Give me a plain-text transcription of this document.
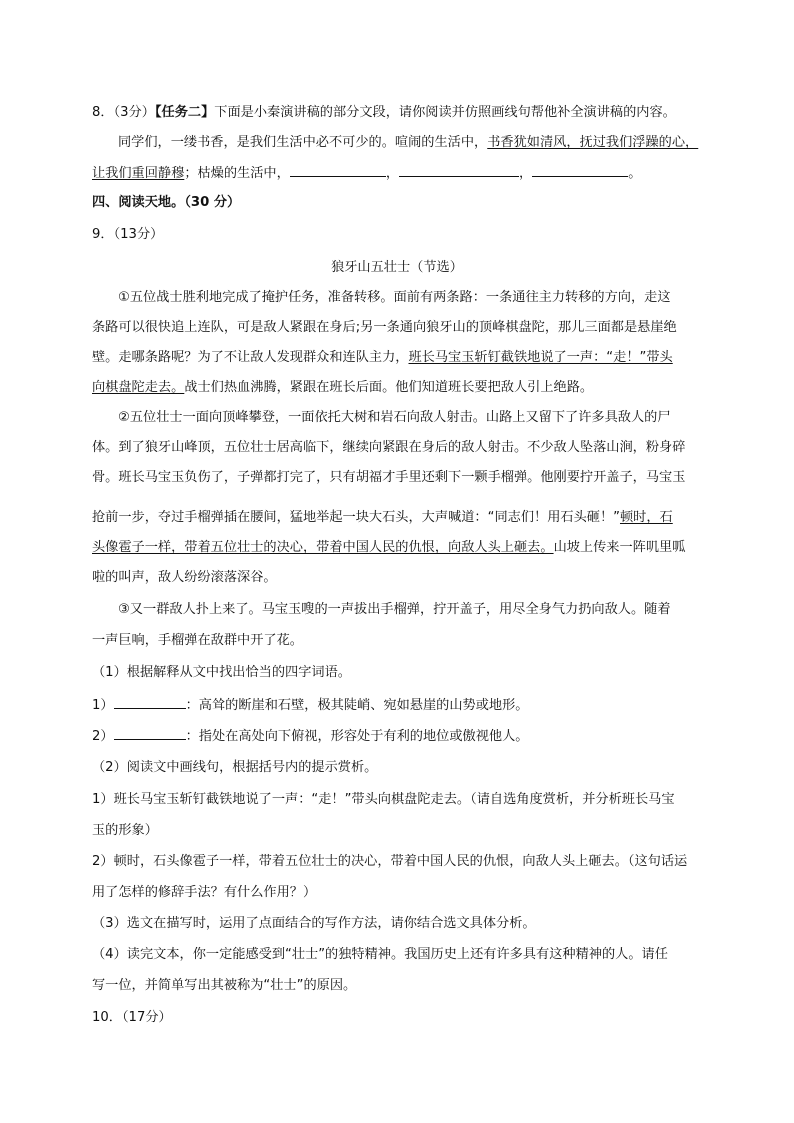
8．（3分）【任务二】下面是小秦演讲稿的部分文段，请你阅读并仿照画线句帮他补全演讲稿的内容。
同学们，一缕书香，是我们生活中必不可少的。喧闹的生活中，书香犹如清风，抚过我们浮躁的心，
让我们重回静穆；枯燥的生活中，	，	，	。
四、阅读天地。（30 分）
9．（13分）
狼牙山五壮士（节选）
①五位战士胜利地完成了掩护任务，准备转移。面前有两条路：一条通往主力转移的方向，走这
条路可以很快追上连队，可是敌人紧跟在身后;另一条通向狼牙山的顶峰棋盘陀，那儿三面都是悬崖绝
壁。走哪条路呢？为了不让敌人发现群众和连队主力，班长马宝玉斩钉截铁地说了一声：“走！”带头
向棋盘陀走去。战士们热血沸腾，紧跟在班长后面。他们知道班长要把敌人引上绝路。
②五位壮士一面向顶峰攀登，一面依托大树和岩石向敌人射击。山路上又留下了许多具敌人的尸
体。到了狼牙山峰顶，五位壮士居高临下，继续向紧跟在身后的敌人射击。不少敌人坠落山涧，粉身碎
骨。班长马宝玉负伤了，子弹都打完了，只有胡福才手里还剩下一颗手榴弹。他刚要拧开盖子，马宝玉
抢前一步，夺过手榴弹插在腰间，猛地举起一块大石头，大声喊道：“同志们！用石头砸！”顿时，石
头像雹子一样，带着五位壮士的决心，带着中国人民的仇恨，向敌人头上砸去。山坡上传来一阵叽里呱
啦的叫声，敌人纷纷滚落深谷。
③又一群敌人扑上来了。马宝玉嗖的一声拔出手榴弹，拧开盖子，用尽全身气力扔向敌人。随着
一声巨响，手榴弹在敌群中开了花。
（1）根据解释从文中找出恰当的四字词语。
1）	：高耸的断崖和石壁，极其陡峭、宛如悬崖的山势或地形。
2）	：指处在高处向下俯视，形容处于有利的地位或傲视他人。
（2）阅读文中画线句，根据括号内的提示赏析。
1）班长马宝玉斩钉截铁地说了一声：“走！”带头向棋盘陀走去。（请自选角度赏析，并分析班长马宝
玉的形象）
2）顿时，石头像雹子一样，带着五位壮士的决心，带着中国人民的仇恨，向敌人头上砸去。（这句话运
用了怎样的修辞手法？有什么作用？）
（3）选文在描写时，运用了点面结合的写作方法，请你结合选文具体分析。
（4）读完文本，你一定能感受到“壮士”的独特精神。我国历史上还有许多具有这种精神的人。请任
写一位，并简单写出其被称为“壮士”的原因。
10．（17分）
